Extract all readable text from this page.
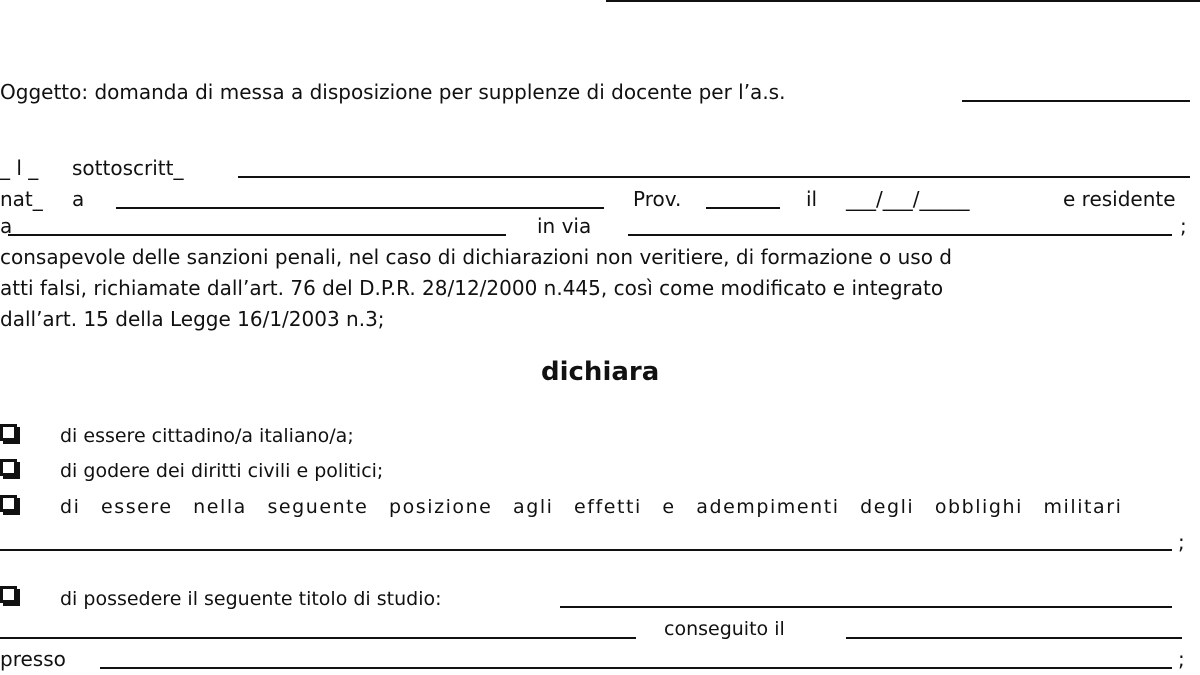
Oggetto: domanda di messa a disposizione per supplenze di docente per l’a.s.
_ l _ sottoscritt_
nat_ a	Prov.	il ___/___/_____	e residente
a	in via	;
consapevole delle sanzioni penali, nel caso di dichiarazioni non veritiere, di formazione o uso d
atti falsi, richiamate dall’art. 76 del D.P.R. 28/12/2000 n.445, così come modificato e integrato
dall’art. 15 della Legge 16/1/2003 n.3;
dichiara
di essere cittadino/a italiano/a;
di godere dei diritti civili e politici;
di essere nella seguente posizione agli effetti e adempimenti degli obblighi militari
;
di possedere il seguente titolo di studio:
conseguito il
presso	;
